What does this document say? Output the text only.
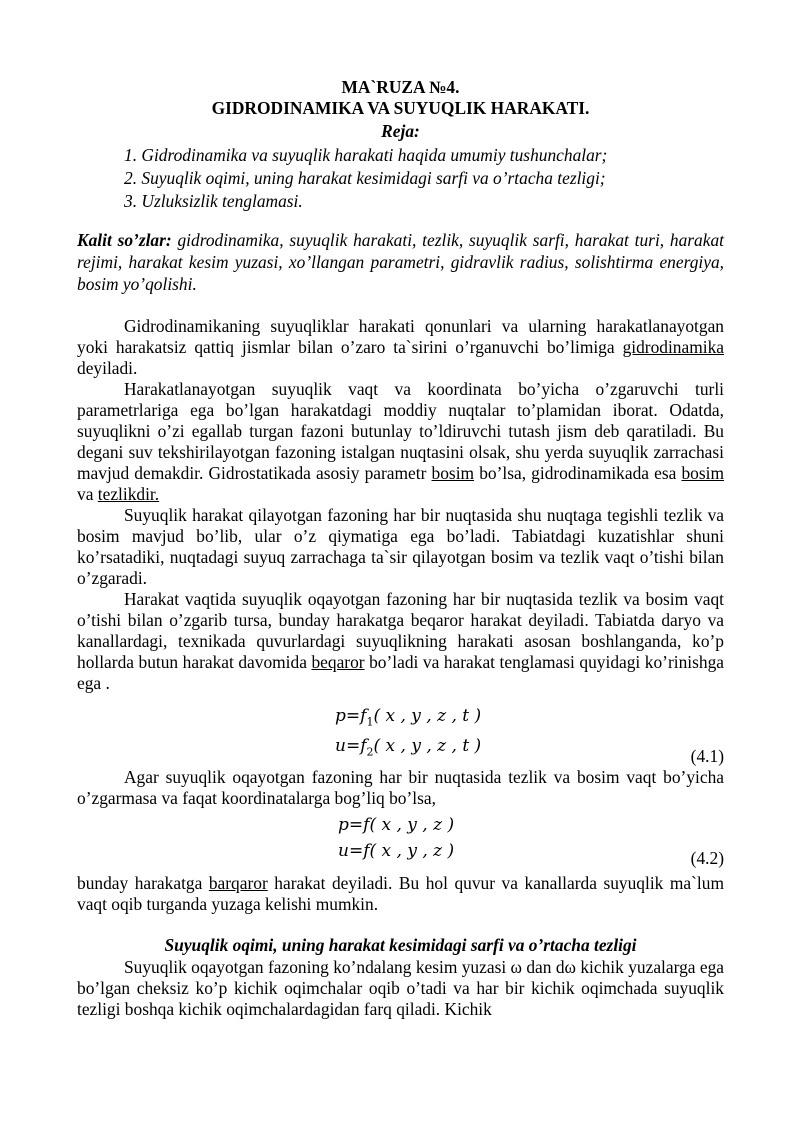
MA`RUZA №4.
GIDRODINAMIKA VA SUYUQLIK HARAKATI.
Reja:
1. Gidrodinamika va suyuqlik harakati haqida umumiy tushunchalar;
2. Suyuqlik oqimi, uning harakat kesimidagi sarfi va o’rtacha tezligi;
3. Uzluksizlik tenglamasi.

Kalit so’zlar: gidrodinamika, suyuqlik harakati, tezlik, suyuqlik sarfi, harakat turi, harakat rejimi, harakat kesim yuzasi, xo’llangan parametri, gidravlik radius, solishtirma energiya, bosim yo’qolishi.

Gidrodinamikaning suyuqliklar harakati qonunlari va ularning harakatlanayotgan yoki harakatsiz qattiq jismlar bilan o’zaro ta`sirini o’rganuvchi bo’limiga gidrodinamika deyiladi.

Harakatlanayotgan suyuqlik vaqt va koordinata bo’yicha o’zgaruvchi turli parametrlariga ega bo’lgan harakatdagi moddiy nuqtalar to’plamidan iborat. Odatda, suyuqlikni o’zi egallab turgan fazoni butunlay to’ldiruvchi tutash jism deb qaratiladi. Bu degani suv tekshirilayotgan fazoning istalgan nuqtasini olsak, shu yerda suyuqlik zarrachasi mavjud demakdir. Gidrostatikada asosiy parametr bosim bo’lsa, gidrodinamikada esa bosim va tezlikdir.

Suyuqlik harakat qilayotgan fazoning har bir nuqtasida shu nuqtaga tegishli tezlik va bosim mavjud bo’lib, ular o’z qiymatiga ega bo’ladi. Tabiatdagi kuzatishlar shuni ko’rsatadiki, nuqtadagi suyuq zarrachaga ta`sir qilayotgan bosim va tezlik vaqt o’tishi bilan o’zgaradi.

Harakat vaqtida suyuqlik oqayotgan fazoning har bir nuqtasida tezlik va bosim vaqt o’tishi bilan o’zgarib tursa, bunday harakatga beqaror harakat deyiladi. Tabiatda daryo va kanallardagi, texnikada quvurlardagi suyuqlikning harakati asosan boshlanganda, ko’p hollarda butun harakat davomida beqaror bo’ladi va harakat tenglamasi quyidagi ko’rinishga ega .

$p=f_1$( x , y , z , t )
$u=f_2$( x , y , z , t )	(4.1)

Agar suyuqlik oqayotgan fazoning har bir nuqtasida tezlik va bosim vaqt bo’yicha o’zgarmasa va faqat koordinatalarga bog’liq bo’lsa,

p=f( x , y , z )
u=f( x , y , z )	(4.2)

bunday harakatga barqaror harakat deyiladi. Bu hol quvur va kanallarda suyuqlik ma`lum vaqt oqib turganda yuzaga kelishi mumkin.

Suyuqlik oqimi, uning harakat kesimidagi sarfi va o’rtacha tezligi

Suyuqlik oqayotgan fazoning ko’ndalang kesim yuzasi ω dan dω kichik yuzalarga ega bo’lgan cheksiz ko’p kichik oqimchalar oqib o’tadi va har bir kichik oqimchada suyuqlik tezligi boshqa kichik oqimchalardagidan farq qiladi. Kichik
